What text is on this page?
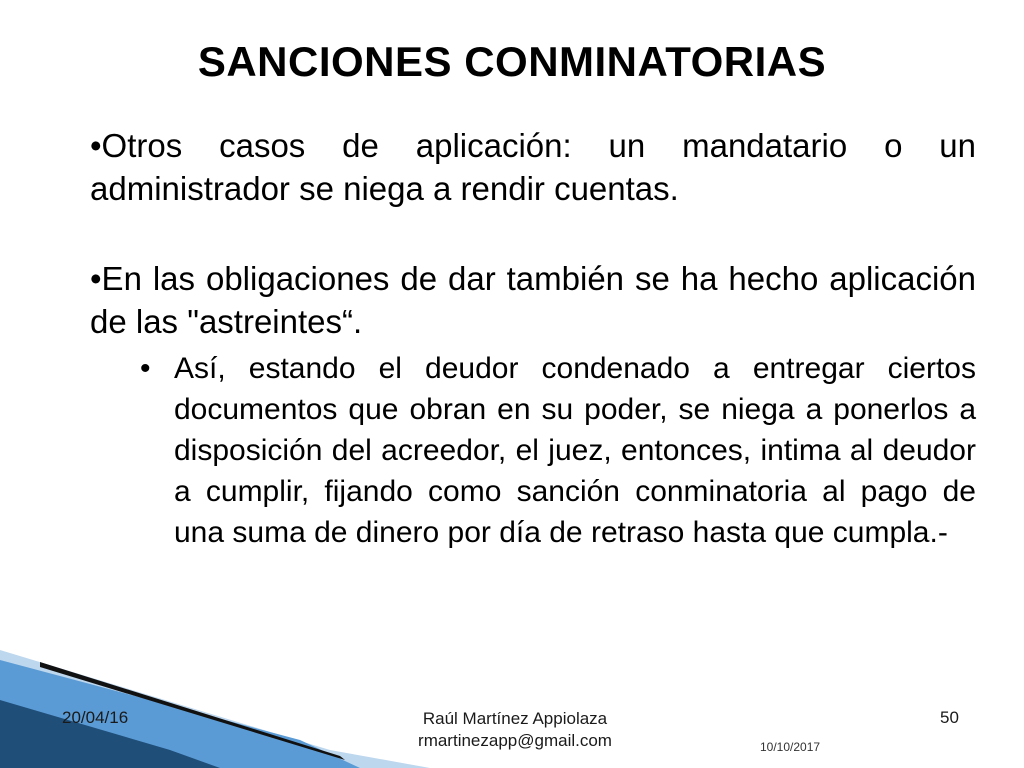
SANCIONES CONMINATORIAS

•Otros casos de aplicación: un mandatario o un administrador se niega a rendir cuentas.

•En las obligaciones de dar también se ha hecho aplicación de las "astreintes“.

• Así, estando el deudor condenado a entregar ciertos documentos que obran en su poder, se niega a ponerlos a disposición del acreedor, el juez, entonces, intima al deudor a cumplir, fijando como sanción conminatoria al pago de una suma de dinero por día de retraso hasta que cumpla.-
20/04/16	Raúl Martínez Appiolaza
rmartinezapp@gmail.com
50
10/10/2017
